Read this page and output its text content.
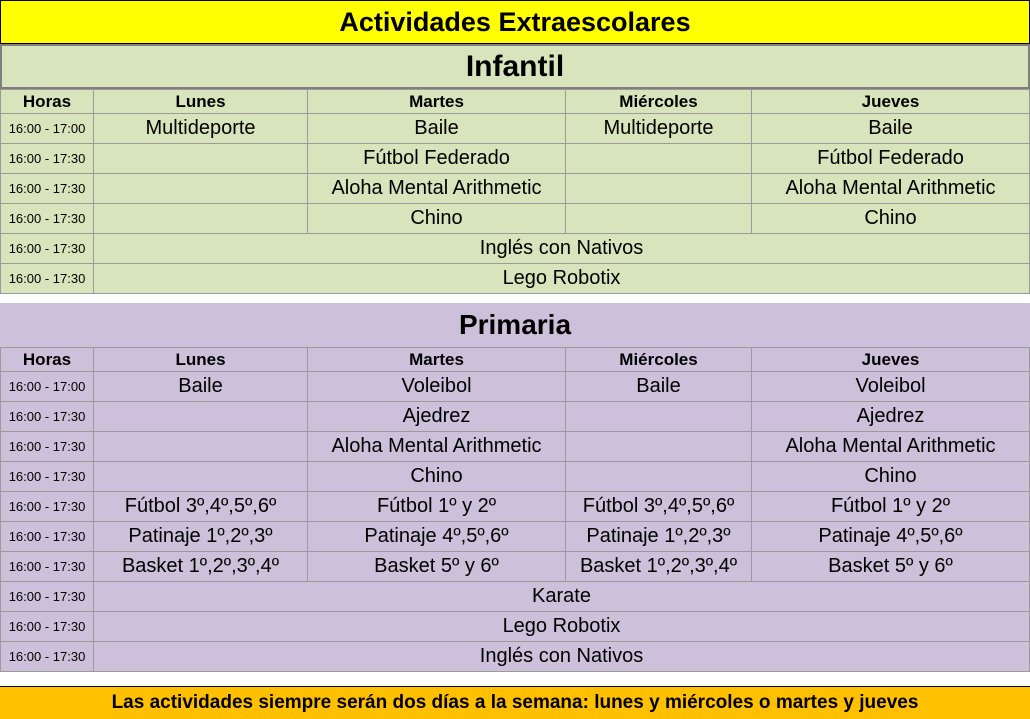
Actividades Extraescolares
Infantil
Horas	Lunes	Martes	Miércoles	Jueves
16:00 - 17:00	Multideporte	Baile	Multideporte	Baile
16:00 - 17:30		Fútbol Federado		Fútbol Federado
16:00 - 17:30		Aloha Mental Arithmetic		Aloha Mental Arithmetic
16:00 - 17:30		Chino		Chino
16:00 - 17:30	Inglés con Nativos			
16:00 - 17:30	Lego Robotix			
Primaria
Horas	Lunes	Martes	Miércoles	Jueves
16:00 - 17:00	Baile	Voleibol	Baile	Voleibol
16:00 - 17:30		Ajedrez		Ajedrez
16:00 - 17:30		Aloha Mental Arithmetic		Aloha Mental Arithmetic
16:00 - 17:30		Chino		Chino
16:00 - 17:30	Fútbol 3º,4º,5º,6º	Fútbol 1º y 2º	Fútbol 3º,4º,5º,6º	Fútbol 1º y 2º
16:00 - 17:30	Patinaje 1º,2º,3º	Patinaje 4º,5º,6º	Patinaje 1º,2º,3º	Patinaje 4º,5º,6º
16:00 - 17:30	Basket 1º,2º,3º,4º	Basket 5º y 6º	Basket 1º,2º,3º,4º	Basket 5º y 6º
16:00 - 17:30	Karate			
16:00 - 17:30	Lego Robotix			
16:00 - 17:30	Inglés con Nativos			
Las actividades siempre serán dos días a la semana: lunes y miércoles o martes y jueves
